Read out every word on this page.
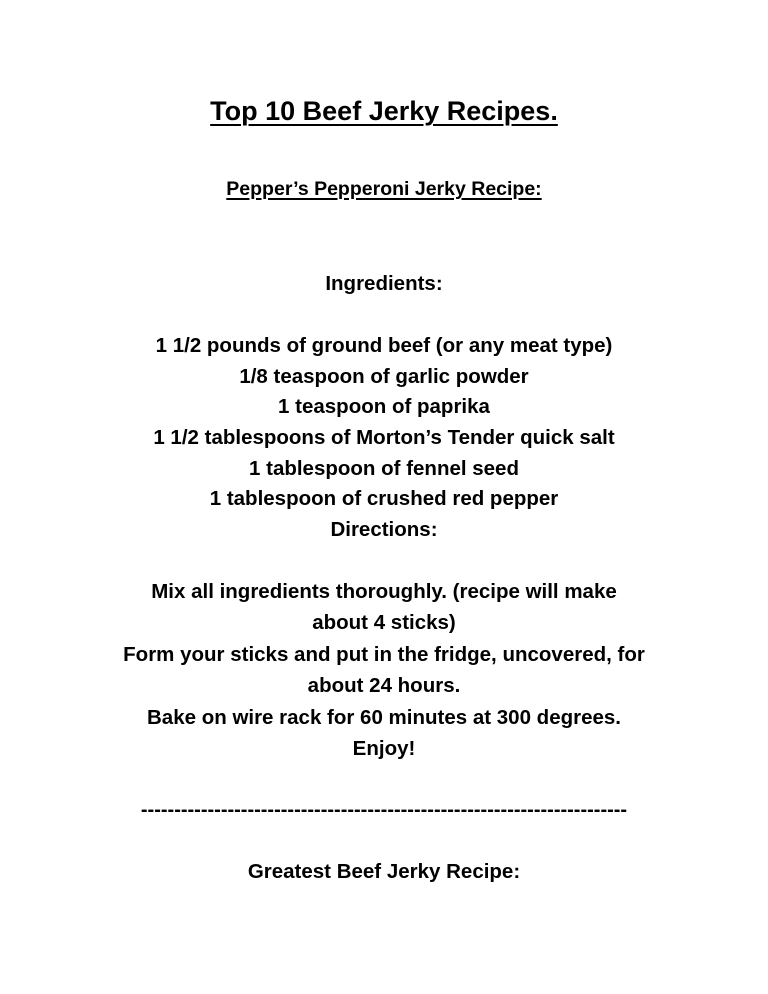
Top 10 Beef Jerky Recipes.
Pepper’s Pepperoni Jerky Recipe:
Ingredients:
1 1/2 pounds of ground beef (or any meat type)
1/8 teaspoon of garlic powder
1 teaspoon of paprika
1 1/2 tablespoons of Morton’s Tender quick salt
1 tablespoon of fennel seed
1 tablespoon of crushed red pepper
Directions:
Mix all ingredients thoroughly. (recipe will make
about 4 sticks)
Form your sticks and put in the fridge, uncovered, for
about 24 hours.
Bake on wire rack for 60 minutes at 300 degrees.
Enjoy!
-------------------------------------------------------------------------
Greatest Beef Jerky Recipe:
